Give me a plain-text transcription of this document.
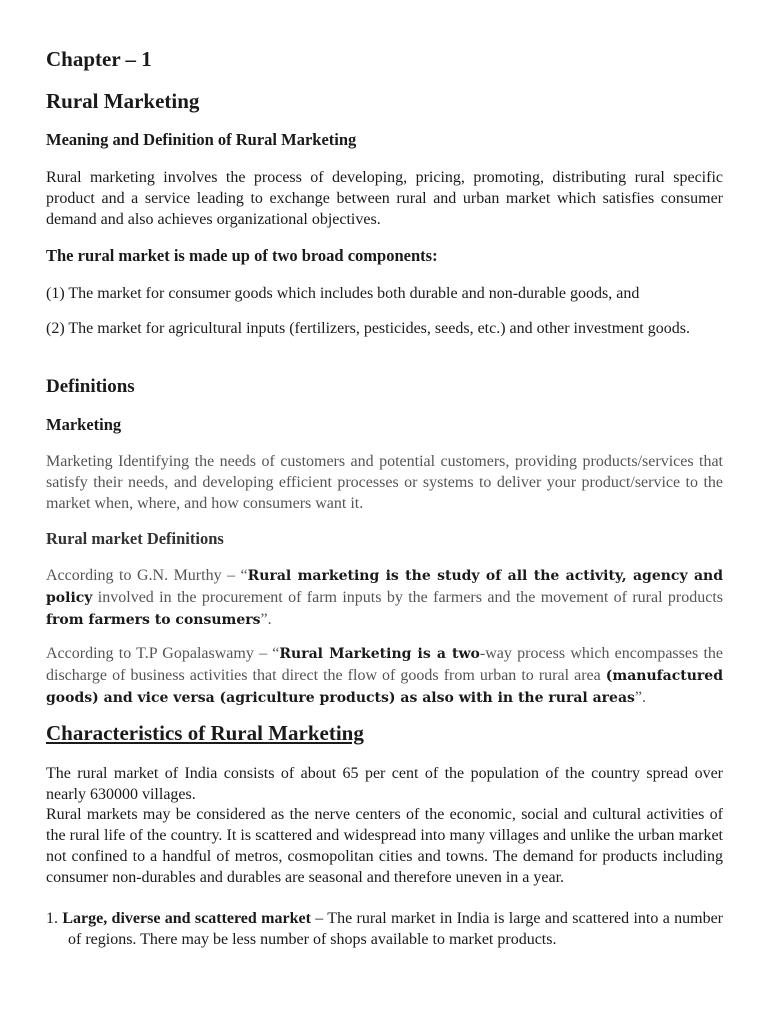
Chapter – 1
Rural Marketing
Meaning and Definition of Rural Marketing

Rural marketing involves the process of developing, pricing, promoting, distributing rural specific product and a service leading to exchange between rural and urban market which satisfies consumer demand and also achieves organizational objectives.

The rural market is made up of two broad components:
(1) The market for consumer goods which includes both durable and non-durable goods, and
(2) The market for agricultural inputs (fertilizers, pesticides, seeds, etc.) and other investment goods.
Definitions
Marketing

Marketing Identifying the needs of customers and potential customers, providing products/services that satisfy their needs, and developing efficient processes or systems to deliver your product/service to the market when, where, and how consumers want it.

Rural market Definitions

According to G.N. Murthy – “Rural marketing is the study of all the activity, agency and policy involved in the procurement of farm inputs by the farmers and the movement of rural products from farmers to consumers”.

According to T.P Gopalaswamy – “Rural Marketing is a two-way process which encompasses the discharge of business activities that direct the flow of goods from urban to rural area (manufactured goods) and vice versa (agriculture products) as also with in the rural areas”.

Characteristics of Rural Marketing

The rural market of India consists of about 65 per cent of the population of the country spread over nearly 630000 villages.

Rural markets may be considered as the nerve centers of the economic, social and cultural activities of the rural life of the country. It is scattered and widespread into many villages and unlike the urban market not confined to a handful of metros, cosmopolitan cities and towns. The demand for products including consumer non-durables and durables are seasonal and therefore uneven in a year.

1. Large, diverse and scattered market – The rural market in India is large and scattered into a number of regions. There may be less number of shops available to market products.
